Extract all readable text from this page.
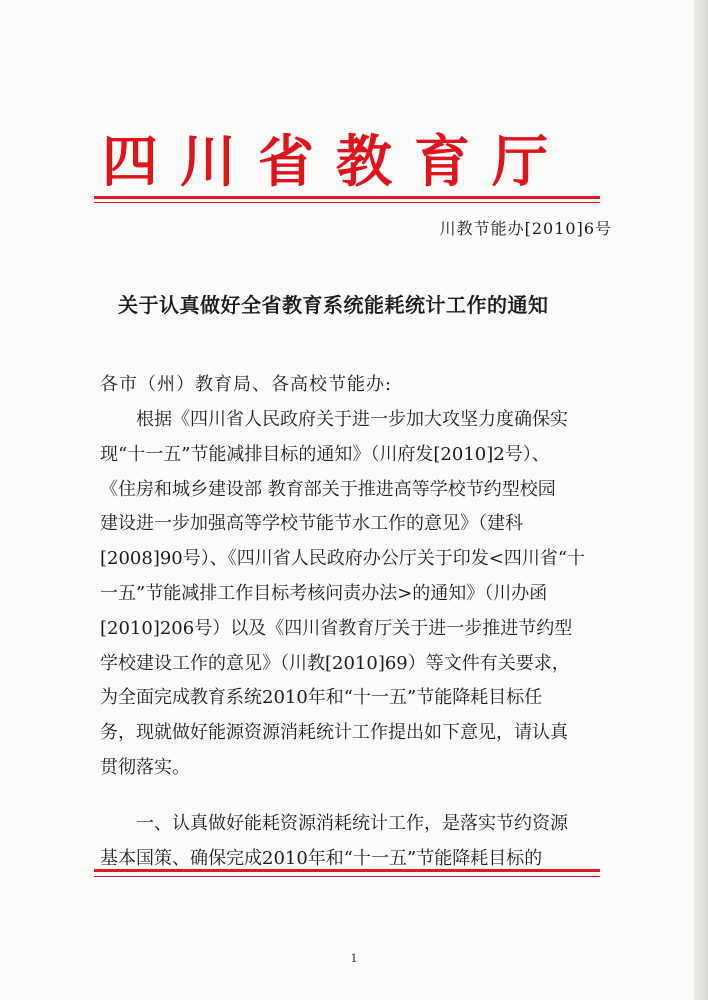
四川省教育厅
川教节能办[2010]6号
关于认真做好全省教育系统能耗统计工作的通知
各市（州）教育局、各高校节能办:
根据《四川省人民政府关于进一步加大攻坚力度确保实
现“十一五”节能减排目标的通知》（川府发[2010]2号）、
《住房和城乡建设部 教育部关于推进高等学校节约型校园
建设进一步加强高等学校节能节水工作的意见》（建科
[2008]90号）、《四川省人民政府办公厅关于印发<四川省“十
一五”节能减排工作目标考核问责办法>的通知》（川办函
[2010]206号）以及《四川省教育厅关于进一步推进节约型
学校建设工作的意见》（川教[2010]69）等文件有关要求，
为全面完成教育系统2010年和“十一五”节能降耗目标任
务，现就做好能源资源消耗统计工作提出如下意见，请认真
贯彻落实。
一、认真做好能耗资源消耗统计工作，是落实节约资源
基本国策、确保完成2010年和“十一五”节能降耗目标的
1
